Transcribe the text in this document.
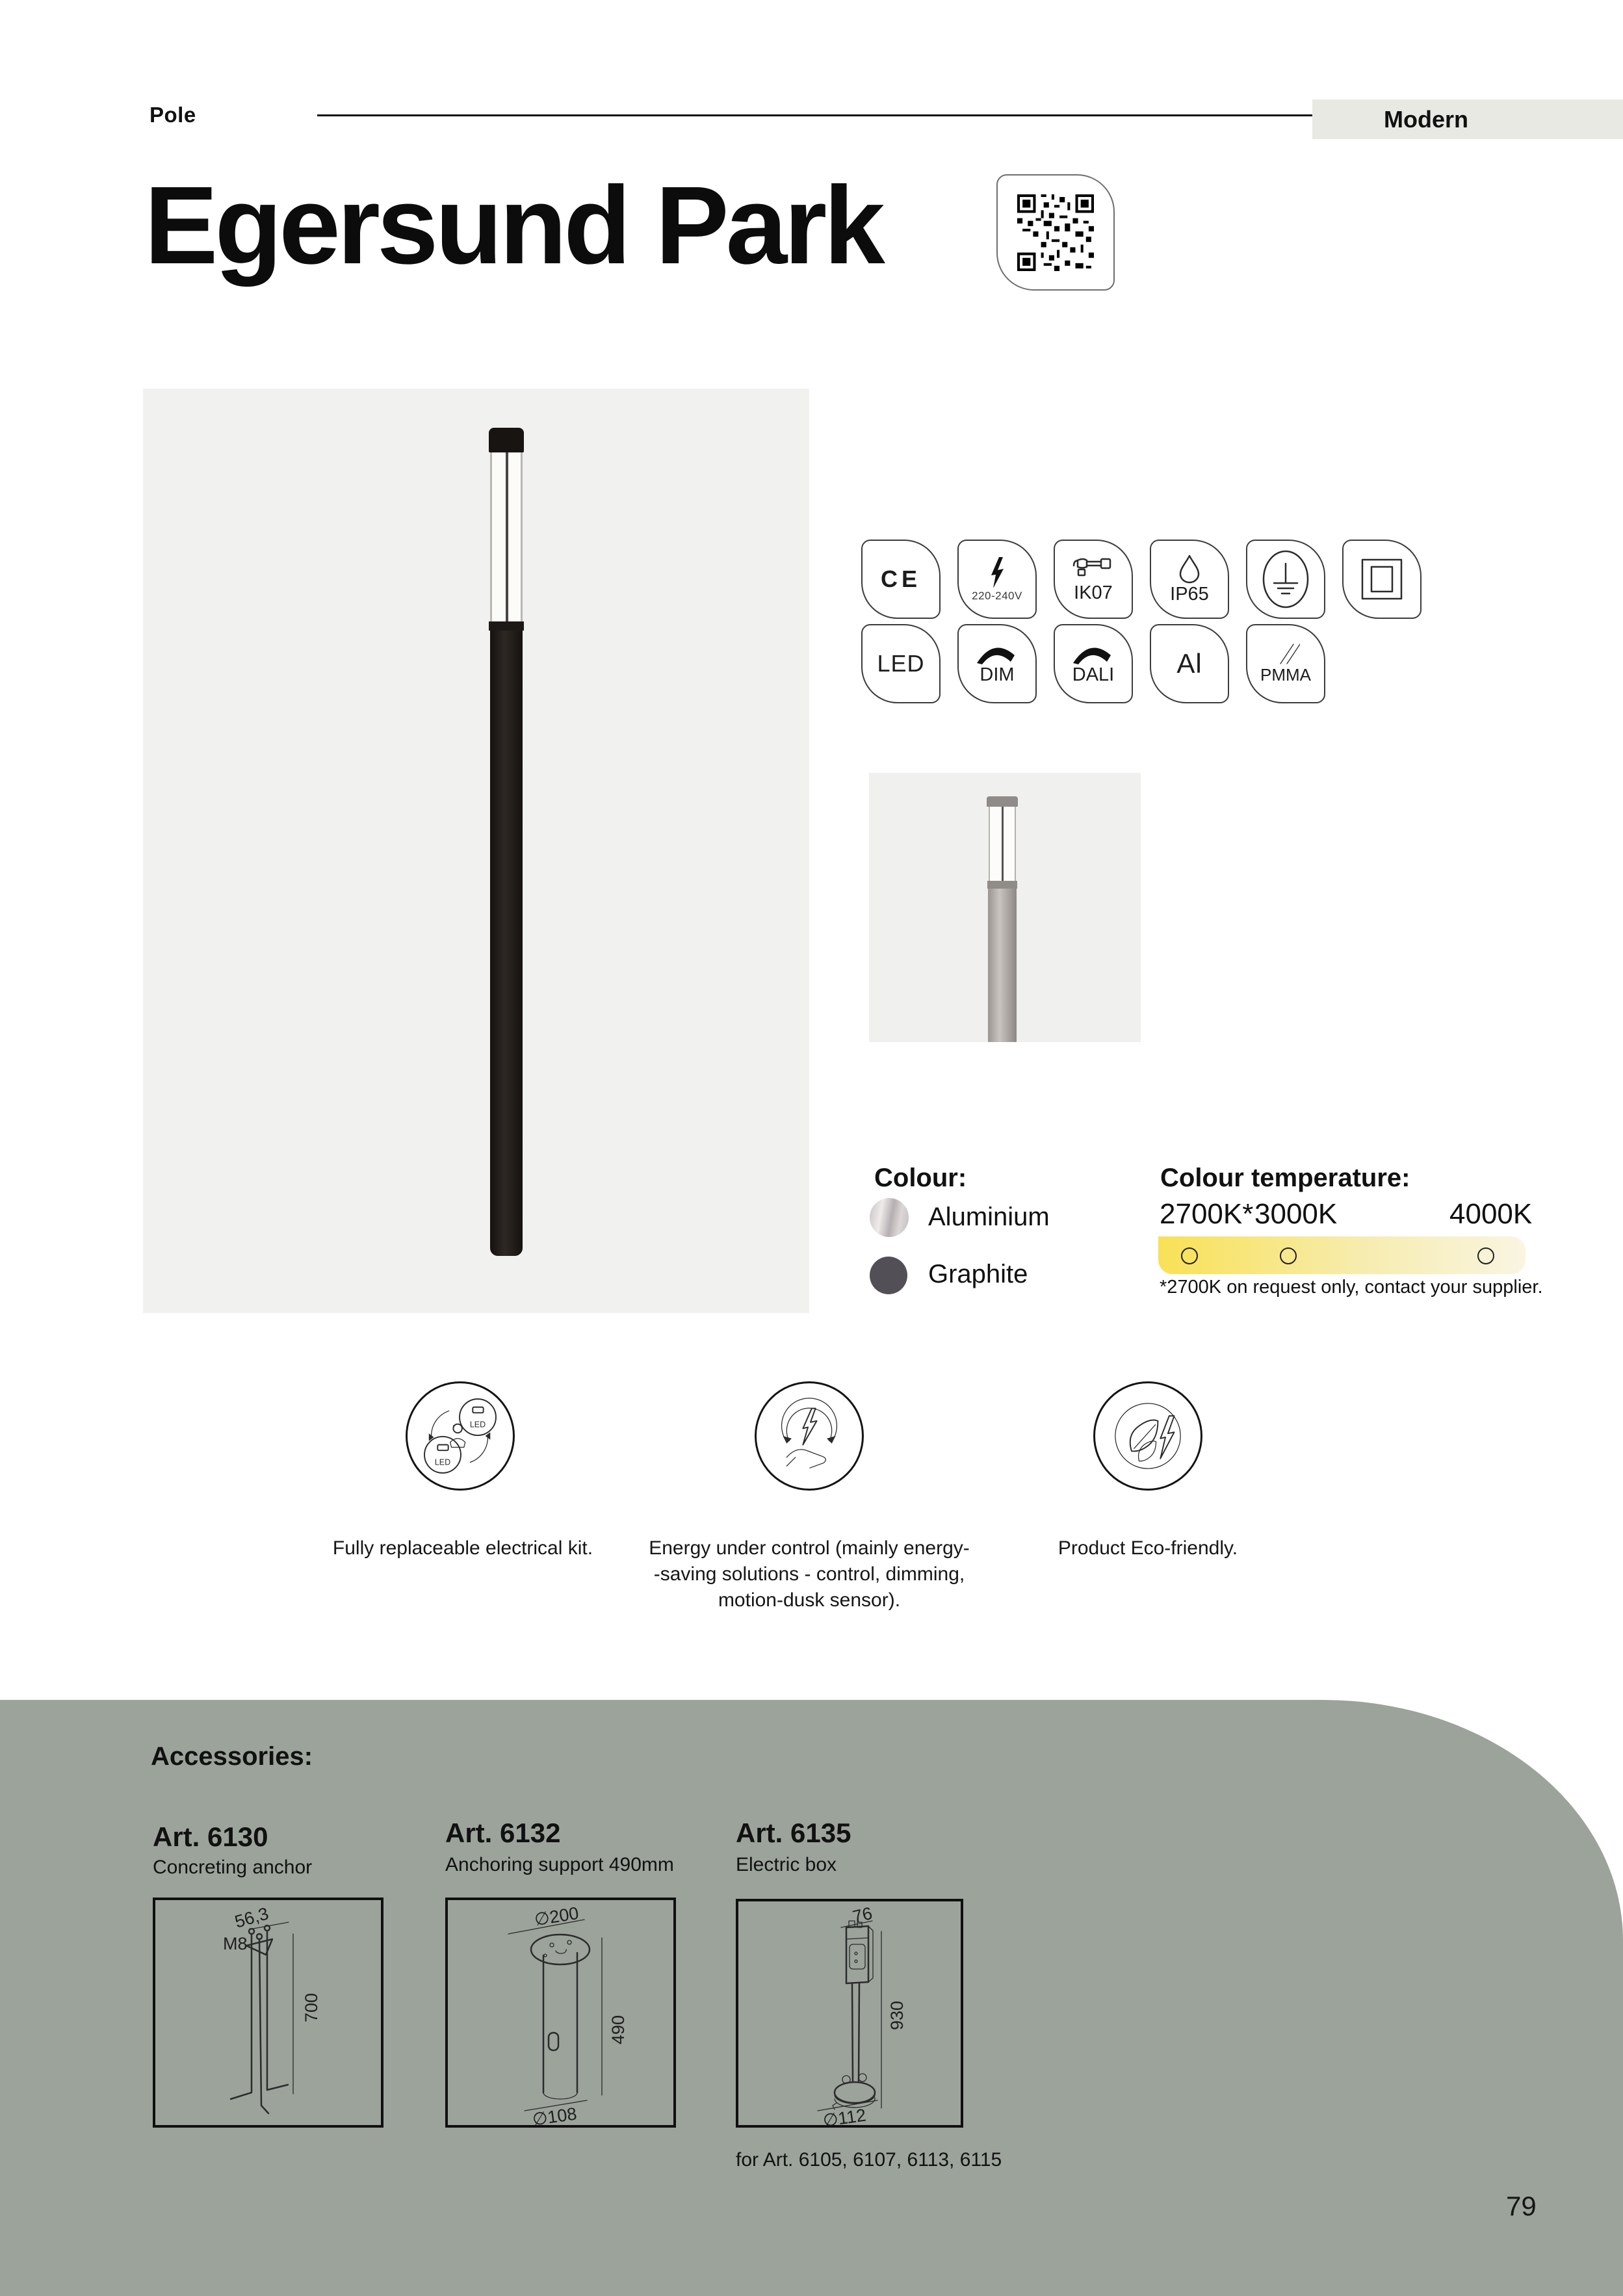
Pole	Modern
Egersund Park
CE
220-240V	IK07	IP65
LED	DIM	DALI Al	PMMA
Colour:
Aluminium
Graphite
Colour temperature:
2700K* 3000K	4000K
*2700K on request only, contact your supplier.
LED
LED
Fully replaceable electrical kit.	Energy under control (mainly energy-
-saving solutions - control, dimming,
motion-dusk sensor).
Product Eco-friendly.
Accessories:
Art. 6130
Concreting anchor
56,3
M8
700
Art. 6132
Anchoring support 490mm
∅200
490
∅108
Art. 6135
Electric box
76
930
∅112
for Art. 6105, 6107, 6113, 6115
79
